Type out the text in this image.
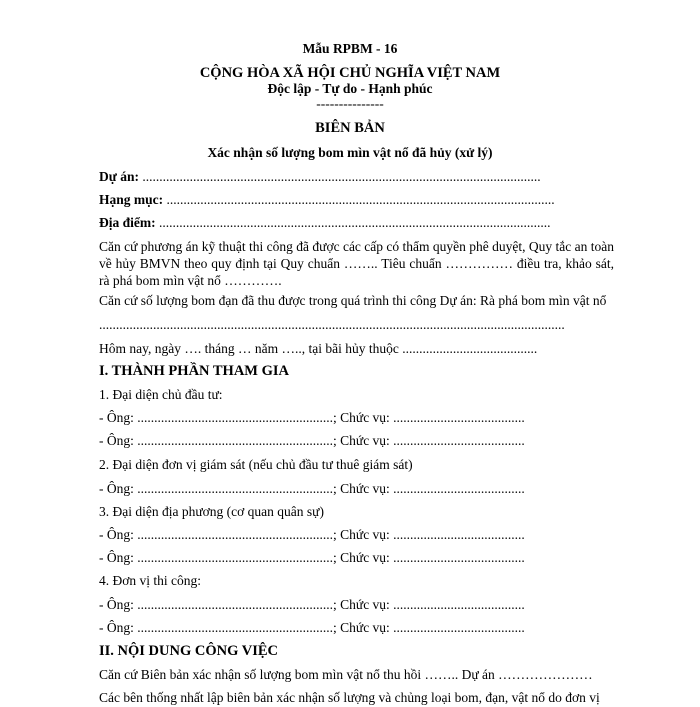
Mẫu RPBM - 16
CỘNG HÒA XÃ HỘI CHỦ NGHĨA VIỆT NAM
Độc lập - Tự do - Hạnh phúc
---------------
BIÊN BẢN
Xác nhận số lượng bom mìn vật nổ đã hủy (xử lý)
Dự án: ......................................................................................................................
Hạng mục: ...................................................................................................................
Địa điểm: ....................................................................................................................
Căn cứ phương án kỹ thuật thi công đã được các cấp có thẩm quyền phê duyệt, Quy tắc an toàn về hủy BMVN theo quy định tại Quy chuẩn …….. Tiêu chuẩn …………… điều tra, khảo sát, rà phá bom mìn vật nổ ………….
Căn cứ số lượng bom đạn đã thu được trong quá trình thi công Dự án: Rà phá bom mìn vật nổ
..........................................................................................................................................
Hôm nay, ngày …. tháng … năm ….., tại bãi hủy thuộc ........................................
I. THÀNH PHẦN THAM GIA
1. Đại diện chủ đầu tư:
- Ông: ..........................................................; Chức vụ: .......................................
- Ông: ..........................................................; Chức vụ: .......................................
2. Đại diện đơn vị giám sát (nếu chủ đầu tư thuê giám sát)
- Ông: ..........................................................; Chức vụ: .......................................
3. Đại diện địa phương (cơ quan quân sự)
- Ông: ..........................................................; Chức vụ: .......................................
- Ông: ..........................................................; Chức vụ: .......................................
4. Đơn vị thi công:
- Ông: ..........................................................; Chức vụ: .......................................
- Ông: ..........................................................; Chức vụ: .......................................
II. NỘI DUNG CÔNG VIỆC
Căn cứ Biên bản xác nhận số lượng bom mìn vật nổ thu hồi …….. Dự án …………………
Các bên thống nhất lập biên bản xác nhận số lượng và chủng loại bom, đạn, vật nổ do đơn vị
